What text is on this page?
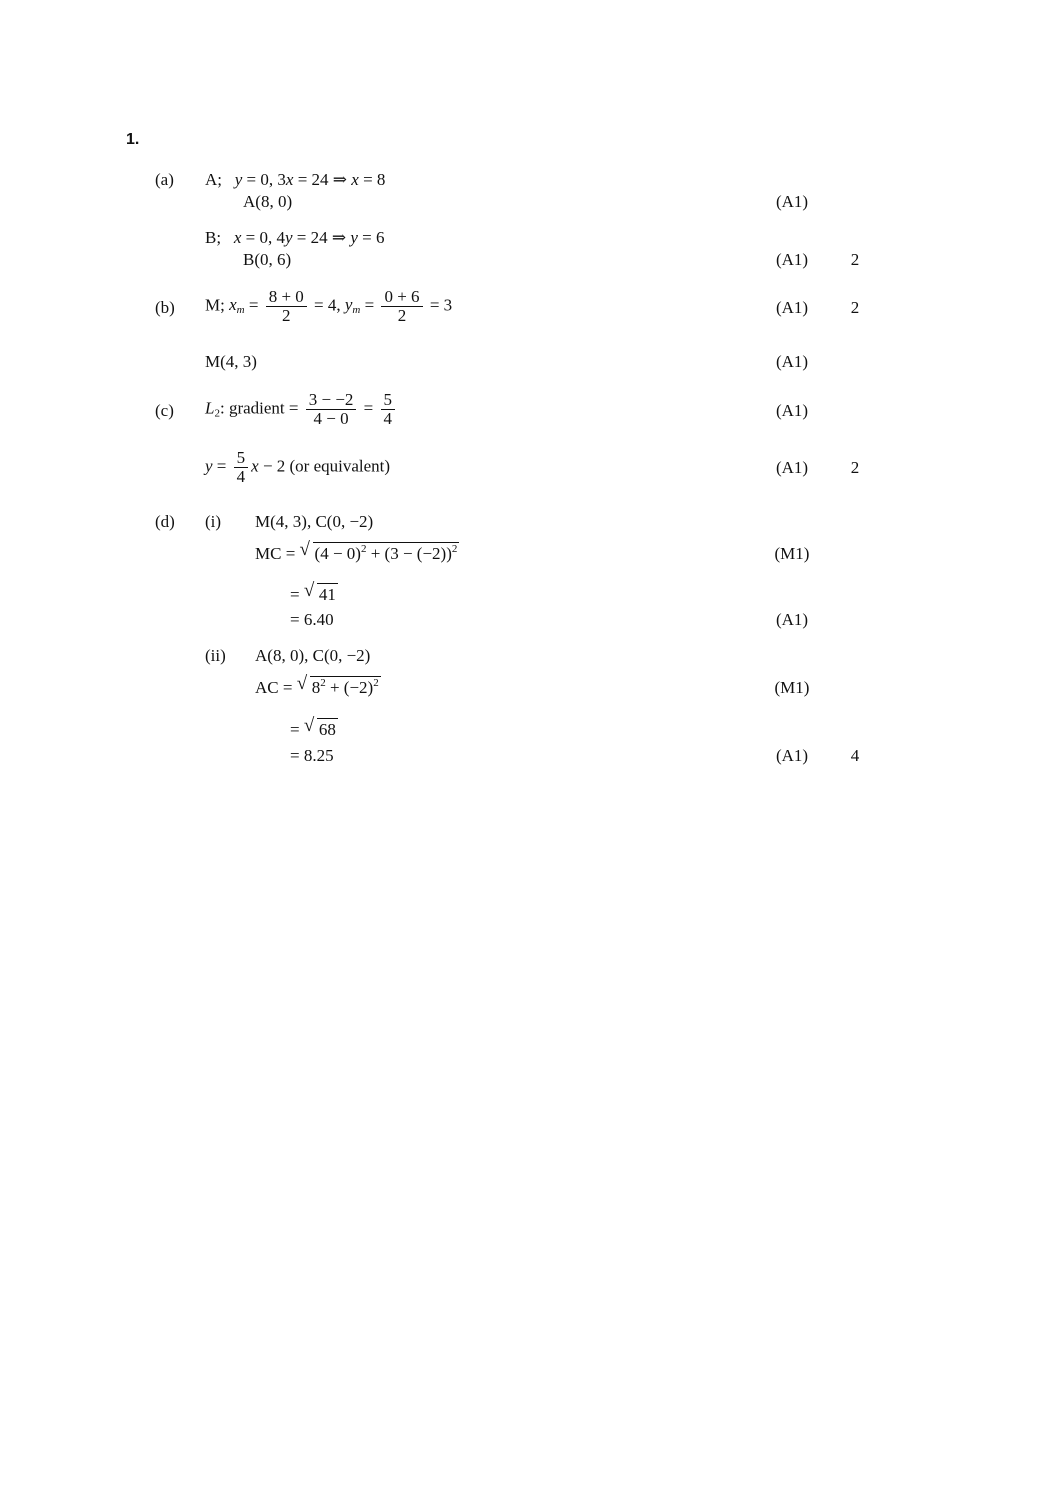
1.
(a) A; y = 0, 3x = 24 ⇒ x = 8
A(8, 0)	(A1)
B; x = 0, 4y = 24 ⇒ y = 6
B(0, 6)	(A1)	2
(b) M; $x_m = \frac{8 + 0}{2} = 4$, $y_m = \frac{0 + 6}{2} = 3$	(A1)	2
M(4, 3)	(A1)
(c) $L_2$: gradient = $\frac{3 - -2}{4 - 0} = \frac{5}{4}$	(A1)
$y = \frac{5}{4}$ x − 2 (or equivalent)	(A1)	2
(d) (i) M(4, 3), C(0, −2)
MC = √ $(4 - 0)^2 + (3 - (-2))^2$	(M1)
= √ 41
= 6.40	(A1)
(ii) A(8, 0), C(0, −2)
AC = √ $8^2 + (-2)^2$	(M1)
= √ 68
= 8.25	(A1)	4
